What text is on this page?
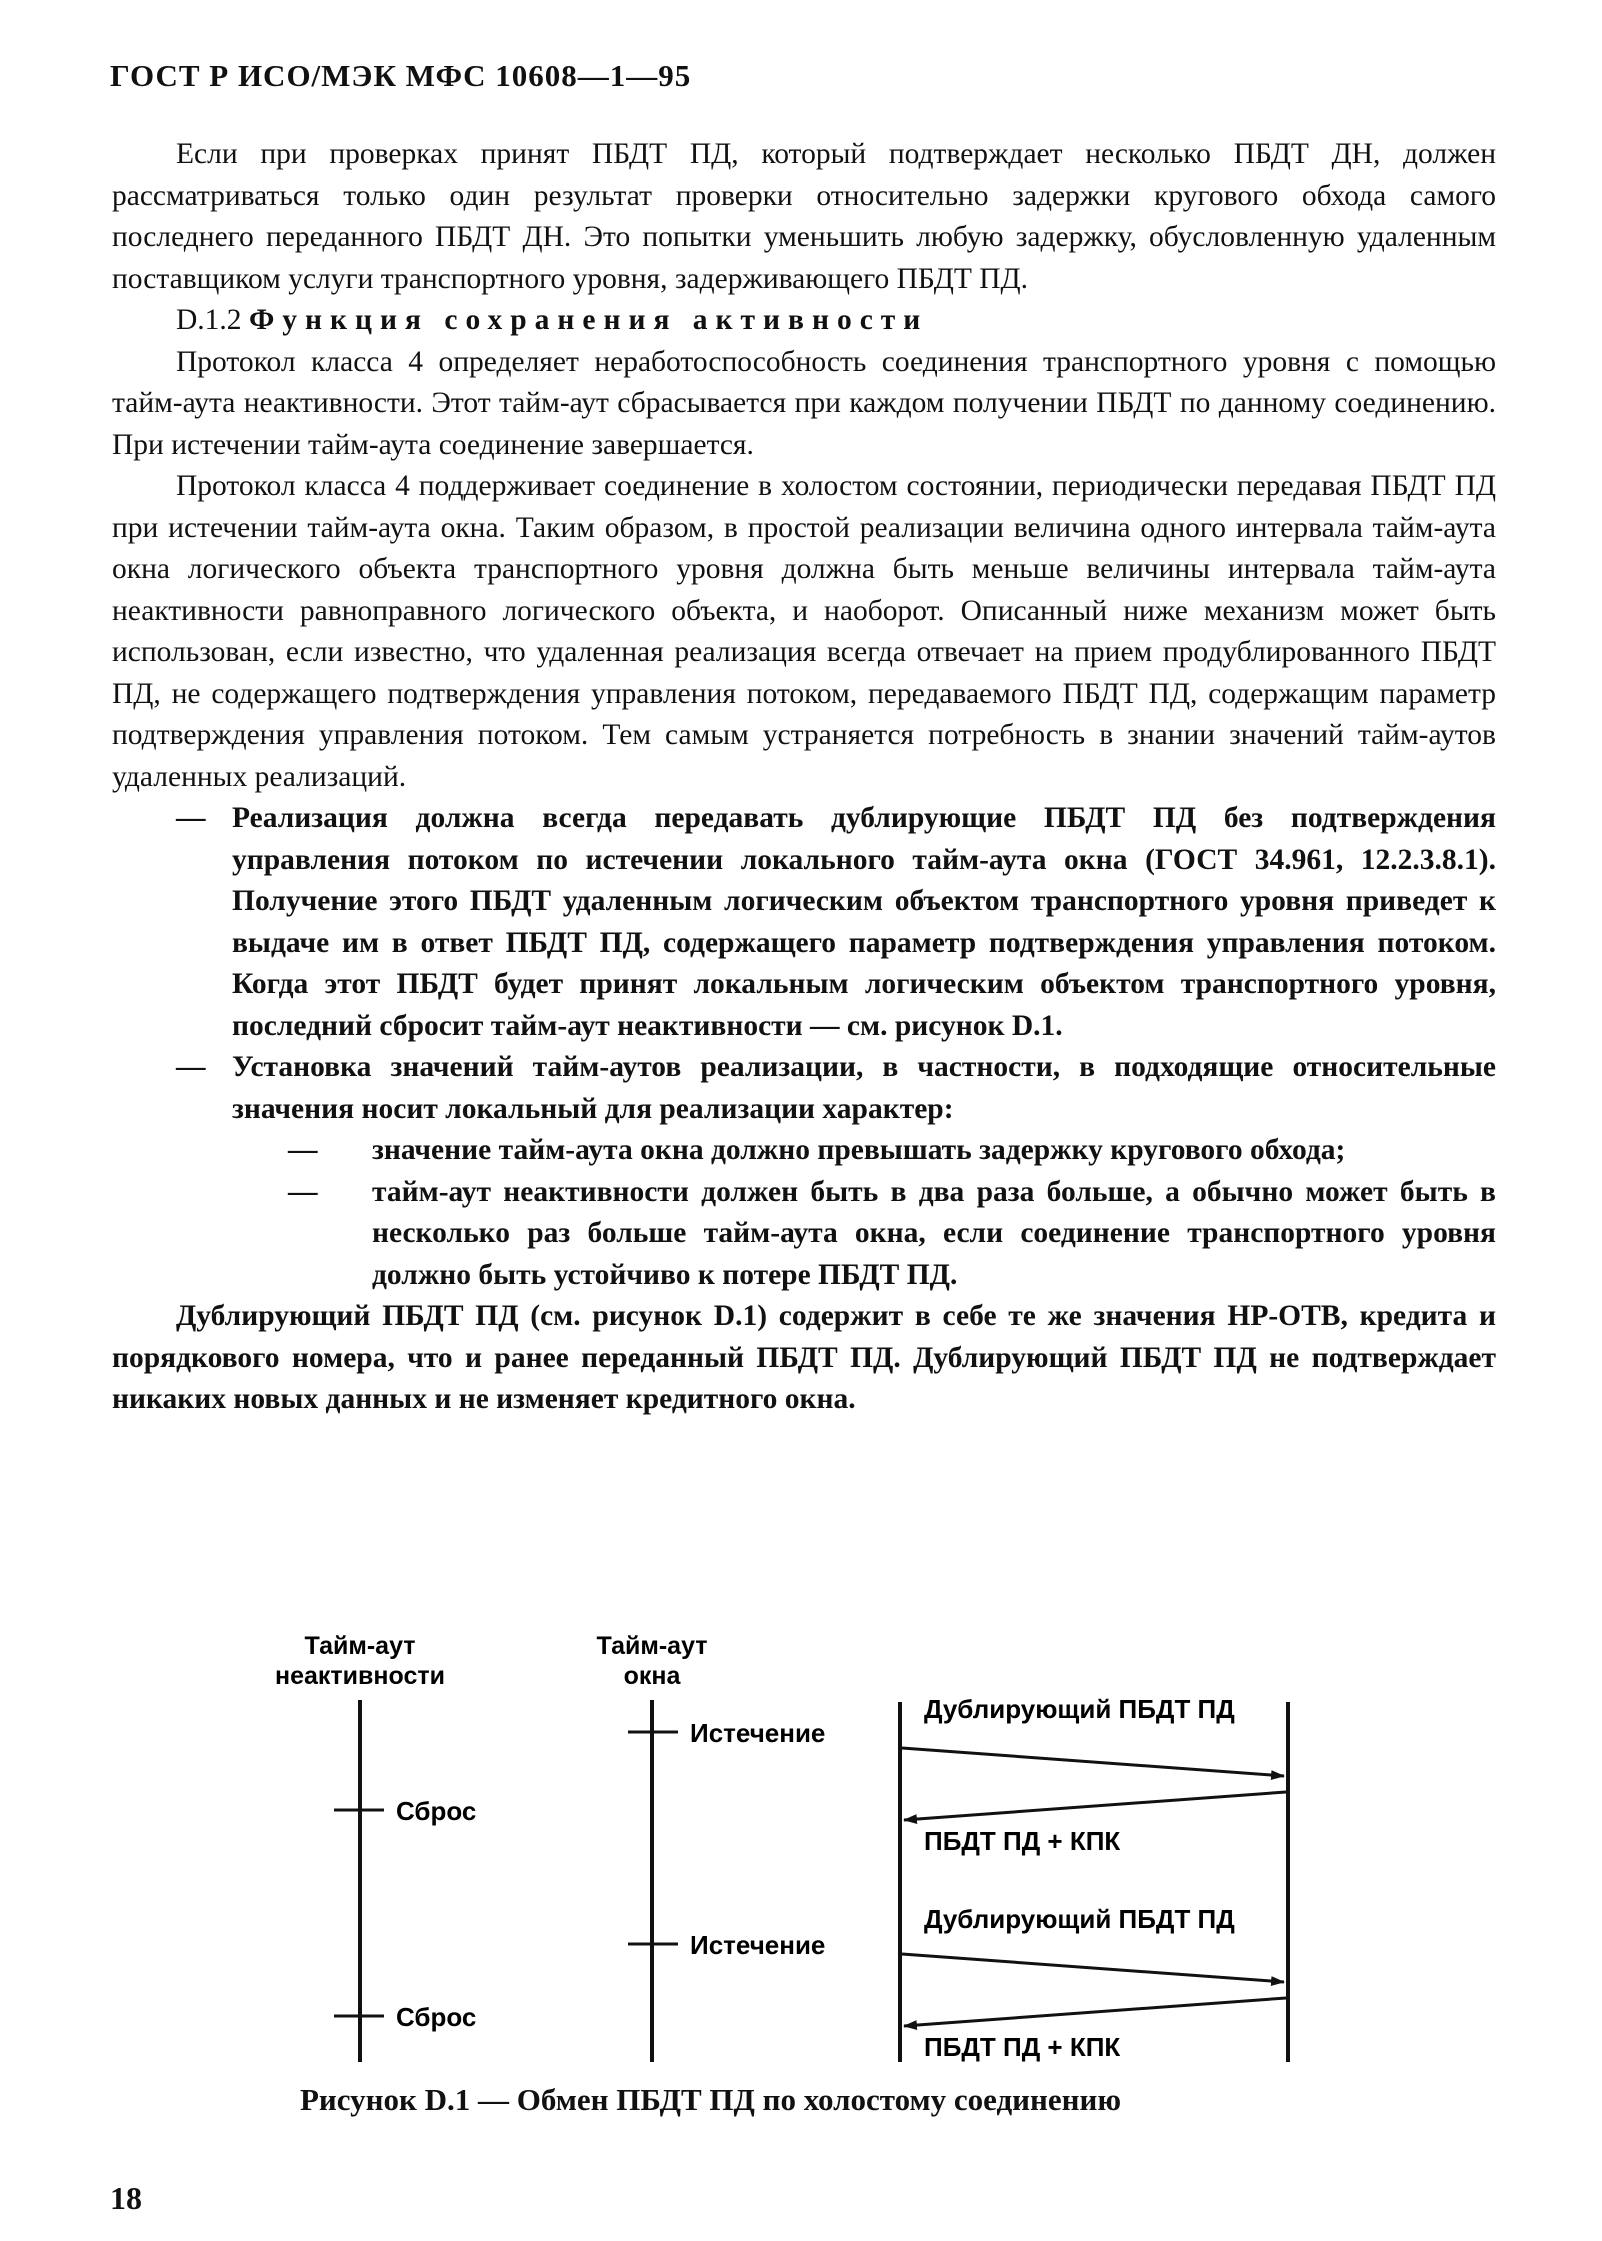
ГОСТ Р ИСО/МЭК МФС 10608—1—95

Если при проверках принят ПБДТ ПД, который подтверждает несколько ПБДТ ДН, должен рассматриваться только один результат проверки относительно задержки кругового обхода самого последнего переданного ПБДТ ДН. Это попытки уменьшить любую задержку, обусловленную удаленным поставщиком услуги транспортного уровня, задерживающего ПБДТ ПД.

D.1.2 Функция сохранения активности

Протокол класса 4 определяет неработоспособность соединения транспортного уровня с помощью тайм-аута неактивности. Этот тайм-аут сбрасывается при каждом получении ПБДТ по данному соединению. При истечении тайм-аута соединение завершается.

Протокол класса 4 поддерживает соединение в холостом состоянии, периодически передавая ПБДТ ПД при истечении тайм-аута окна. Таким образом, в простой реализации величина одного интервала тайм-аута окна логического объекта транспортного уровня должна быть меньше величины интервала тайм-аута неактивности равноправного логического объекта, и наоборот. Описанный ниже механизм может быть использован, если известно, что удаленная реализация всегда отвечает на прием продублированного ПБДТ ПД, не содержащего подтверждения управления потоком, передаваемого ПБДТ ПД, содержащим параметр подтверждения управления потоком. Тем самым устраняется потребность в знании значений тайм-аутов удаленных реализаций.

— Реализация должна всегда передавать дублирующие ПБДТ ПД без подтверждения управления потоком по истечении локального тайм-аута окна (ГОСТ 34.961, 12.2.3.8.1). Получение этого ПБДТ удаленным логическим объектом транспортного уровня приведет к выдаче им в ответ ПБДТ ПД, содержащего параметр подтверждения управления потоком. Когда этот ПБДТ будет принят локальным логическим объектом транспортного уровня, последний сбросит тайм-аут неактивности — см. рисунок D.1.

— Установка значений тайм-аутов реализации, в частности, в подходящие относительные значения носит локальный для реализации характер:

— значение тайм-аута окна должно превышать задержку кругового обхода;

— тайм-аут неактивности должен быть в два раза больше, а обычно может быть в несколько раз больше тайм-аута окна, если соединение транспортного уровня должно быть устойчиво к потере ПБДТ ПД.

Дублирующий ПБДТ ПД (см. рисунок D.1) содержит в себе те же значения НР-ОТВ, кредита и порядкового номера, что и ранее переданный ПБДТ ПД. Дублирующий ПБДТ ПД не подтверждает никаких новых данных и не изменяет кредитного окна.

Тайм-аут
неактивности
Сброс
Сброс
Тайм-аут
окна
Истечение
Истечение
Дублирующий ПБДТ ПД
ПБДТ ПД + КПК
Дублирующий ПБДТ ПД
ПБДТ ПД + КПК
Рисунок D.1 — Обмен ПБДТ ПД по холостому соединению
18
